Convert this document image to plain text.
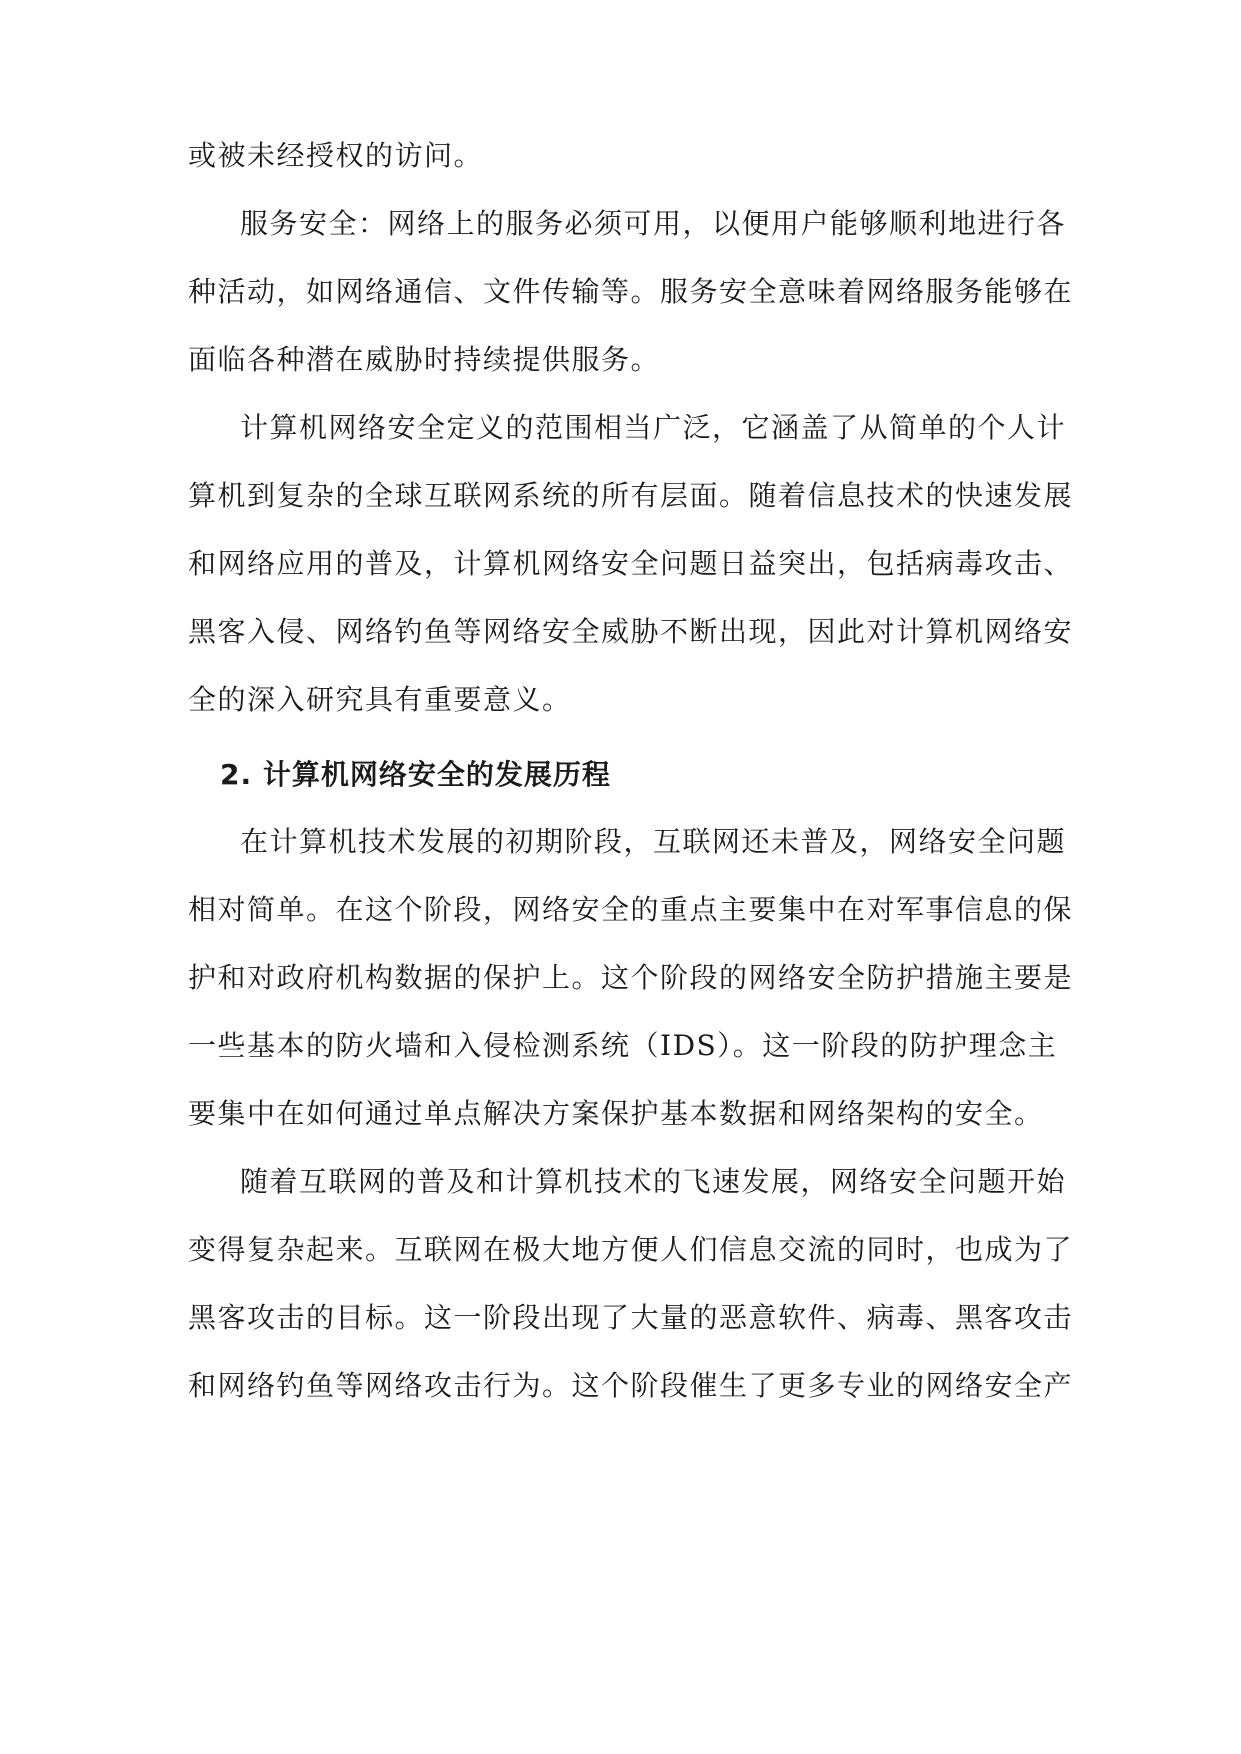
或被未经授权的访问。

服务安全：网络上的服务必须可用，以便用户能够顺利地进行各

种活动，如网络通信、文件传输等。服务安全意味着网络服务能够在

面临各种潜在威胁时持续提供服务。

计算机网络安全定义的范围相当广泛，它涵盖了从简单的个人计

算机到复杂的全球互联网系统的所有层面。随着信息技术的快速发展

和网络应用的普及，计算机网络安全问题日益突出，包括病毒攻击、

黑客入侵、网络钓鱼等网络安全威胁不断出现，因此对计算机网络安

全的深入研究具有重要意义。

2. 计算机网络安全的发展历程

在计算机技术发展的初期阶段，互联网还未普及，网络安全问题

相对简单。在这个阶段，网络安全的重点主要集中在对军事信息的保

护和对政府机构数据的保护上。这个阶段的网络安全防护措施主要是

一些基本的防火墙和入侵检测系统（IDS）。这一阶段的防护理念主

要集中在如何通过单点解决方案保护基本数据和网络架构的安全。

随着互联网的普及和计算机技术的飞速发展，网络安全问题开始

变得复杂起来。互联网在极大地方便人们信息交流的同时，也成为了

黑客攻击的目标。这一阶段出现了大量的恶意软件、病毒、黑客攻击

和网络钓鱼等网络攻击行为。这个阶段催生了更多专业的网络安全产
